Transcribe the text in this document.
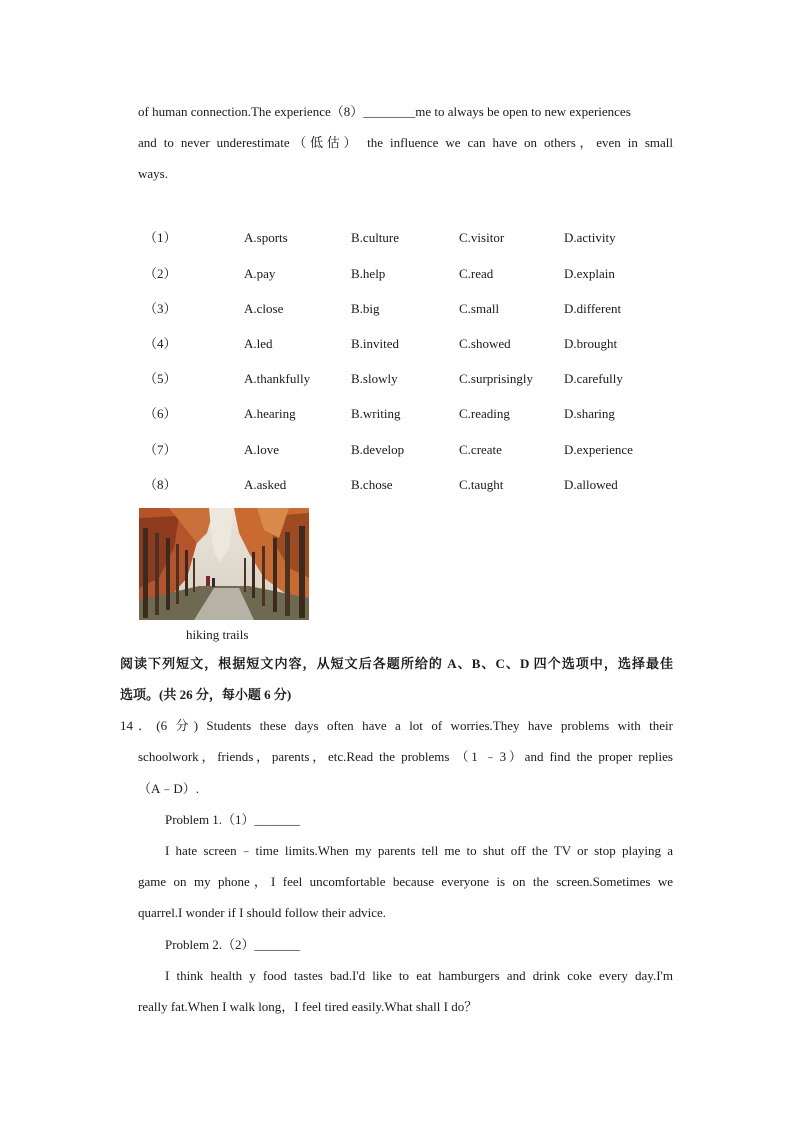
of human connection.The experience（8）________me to always be open to new experiences
and to never underestimate（低估） the influence we can have on others，even in small
ways.
（1）	A.sports	B.culture	C.visitor	D.activity
（2）	A.pay	B.help	C.read	D.explain
（3）	A.close	B.big	C.small	D.different
（4）	A.led	B.invited	C.showed	D.brought
（5）	A.thankfully	B.slowly	C.surprisingly D.carefully
（6）	A.hearing	B.writing	C.reading	D.sharing
（7）	A.love	B.develop	C.create	D.experience
（8）	A.asked	B.chose	C.taught	D.allowed
hiking trails
阅读下列短文，根据短文内容，从短文后各题所给的 A、B、C、D 四个选项中，选择最佳
选项。(共 26 分，每小题 6 分)
14．(6 分) Students these days often have a lot of worries.They have problems with their
schoolwork，friends，parents，etc.Read the problems （1 ﹣3）and find the proper replies
（A﹣D）.
Problem 1.（1）_______
I hate screen﹣time limits.When my parents tell me to shut off the TV or stop playing a
game on my phone，I feel uncomfortable because everyone is on the screen.Sometimes we
quarrel.I wonder if I should follow their advice.
Problem 2.（2）_______
I think health y food tastes bad.I'd like to eat hamburgers and drink coke every day.I'm
really fat.When I walk long，I feel tired easily.What shall I do？
